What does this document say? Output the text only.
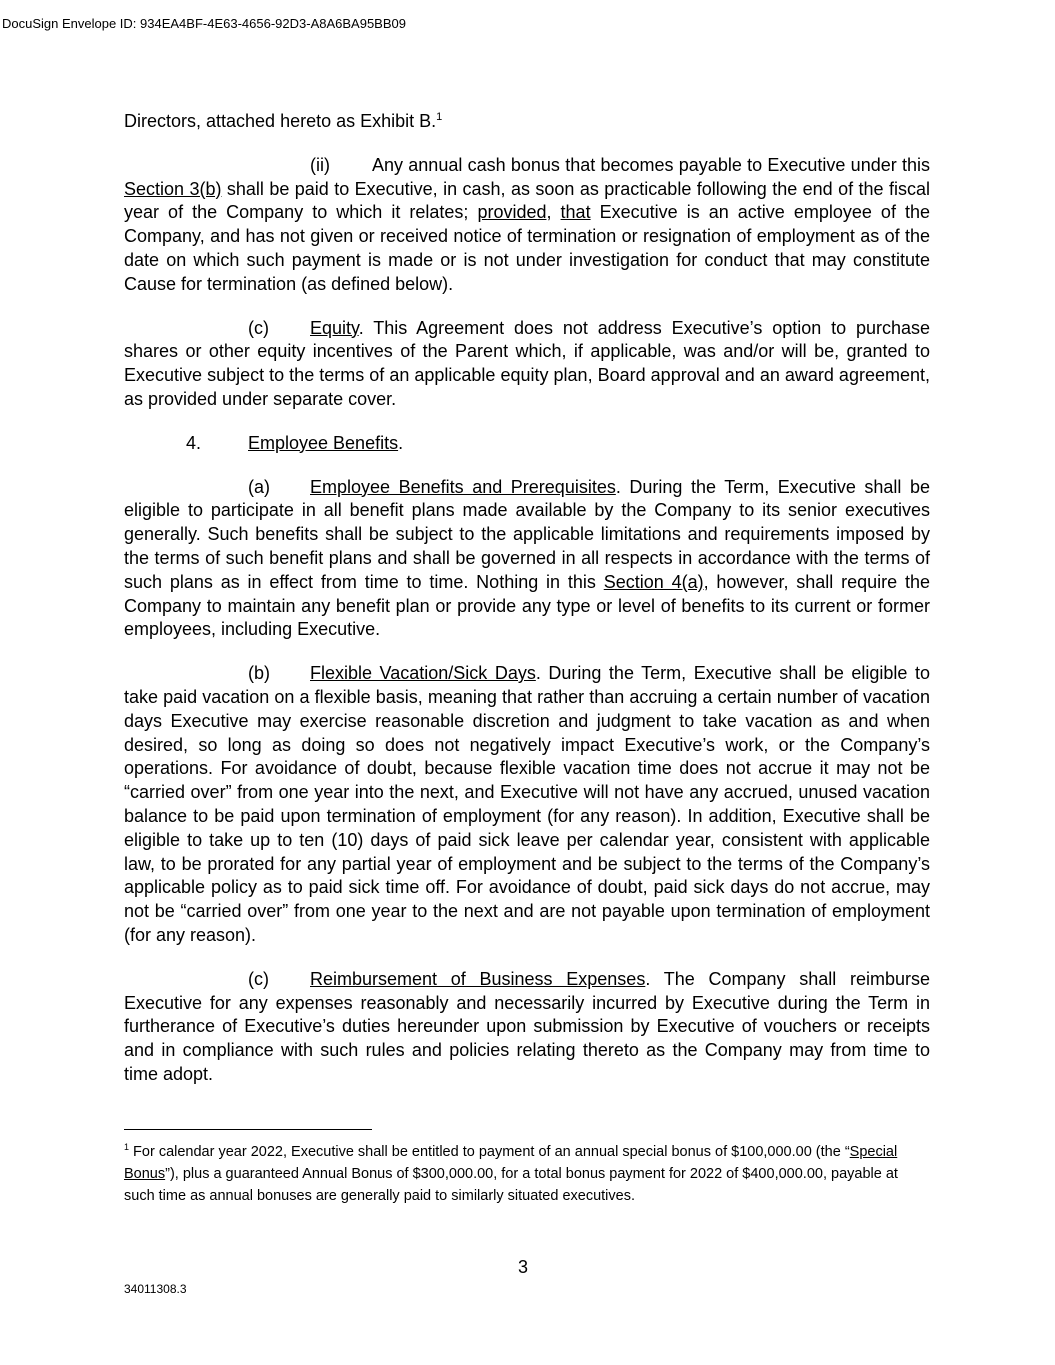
DocuSign Envelope ID: 934EA4BF-4E63-4656-92D3-A8A6BA95BB09

Directors, attached hereto as Exhibit B.$^1$

(ii) Any annual cash bonus that becomes payable to Executive under this Section 3(b) shall be paid to Executive, in cash, as soon as practicable following the end of the fiscal year of the Company to which it relates; provided, that Executive is an active employee of the Company, and has not given or received notice of termination or resignation of employment as of the date on which such payment is made or is not under investigation for conduct that may constitute Cause for termination (as defined below).

(c) Equity. This Agreement does not address Executive’s option to purchase shares or other equity incentives of the Parent which, if applicable, was and/or will be, granted to Executive subject to the terms of an applicable equity plan, Board approval and an award agreement, as provided under separate cover.

4.	Employee Benefits.

(a) Employee Benefits and Prerequisites. During the Term, Executive shall be eligible to participate in all benefit plans made available by the Company to its senior executives generally. Such benefits shall be subject to the applicable limitations and requirements imposed by the terms of such benefit plans and shall be governed in all respects in accordance with the terms of such plans as in effect from time to time. Nothing in this Section 4(a), however, shall require the Company to maintain any benefit plan or provide any type or level of benefits to its current or former employees, including Executive.

(b) Flexible Vacation/Sick Days. During the Term, Executive shall be eligible to take paid vacation on a flexible basis, meaning that rather than accruing a certain number of vacation days Executive may exercise reasonable discretion and judgment to take vacation as and when desired, so long as doing so does not negatively impact Executive’s work, or the Company’s operations. For avoidance of doubt, because flexible vacation time does not accrue it may not be “carried over” from one year into the next, and Executive will not have any accrued, unused vacation balance to be paid upon termination of employment (for any reason). In addition, Executive shall be eligible to take up to ten (10) days of paid sick leave per calendar year, consistent with applicable law, to be prorated for any partial year of employment and be subject to the terms of the Company’s applicable policy as to paid sick time off. For avoidance of doubt, paid sick days do not accrue, may not be “carried over” from one year to the next and are not payable upon termination of employment (for any reason).

(c) Reimbursement of Business Expenses. The Company shall reimburse Executive for any expenses reasonably and necessarily incurred by Executive during the Term in furtherance of Executive’s duties hereunder upon submission by Executive of vouchers or receipts and in compliance with such rules and policies relating thereto as the Company may from time to time adopt.

$^1$ For calendar year 2022, Executive shall be entitled to payment of an annual special bonus of $100,000.00 (the “Special Bonus”), plus a guaranteed Annual Bonus of $300,000.00, for a total bonus payment for 2022 of $400,000.00, payable at such time as annual bonuses are generally paid to similarly situated executives.
3
34011308.3
